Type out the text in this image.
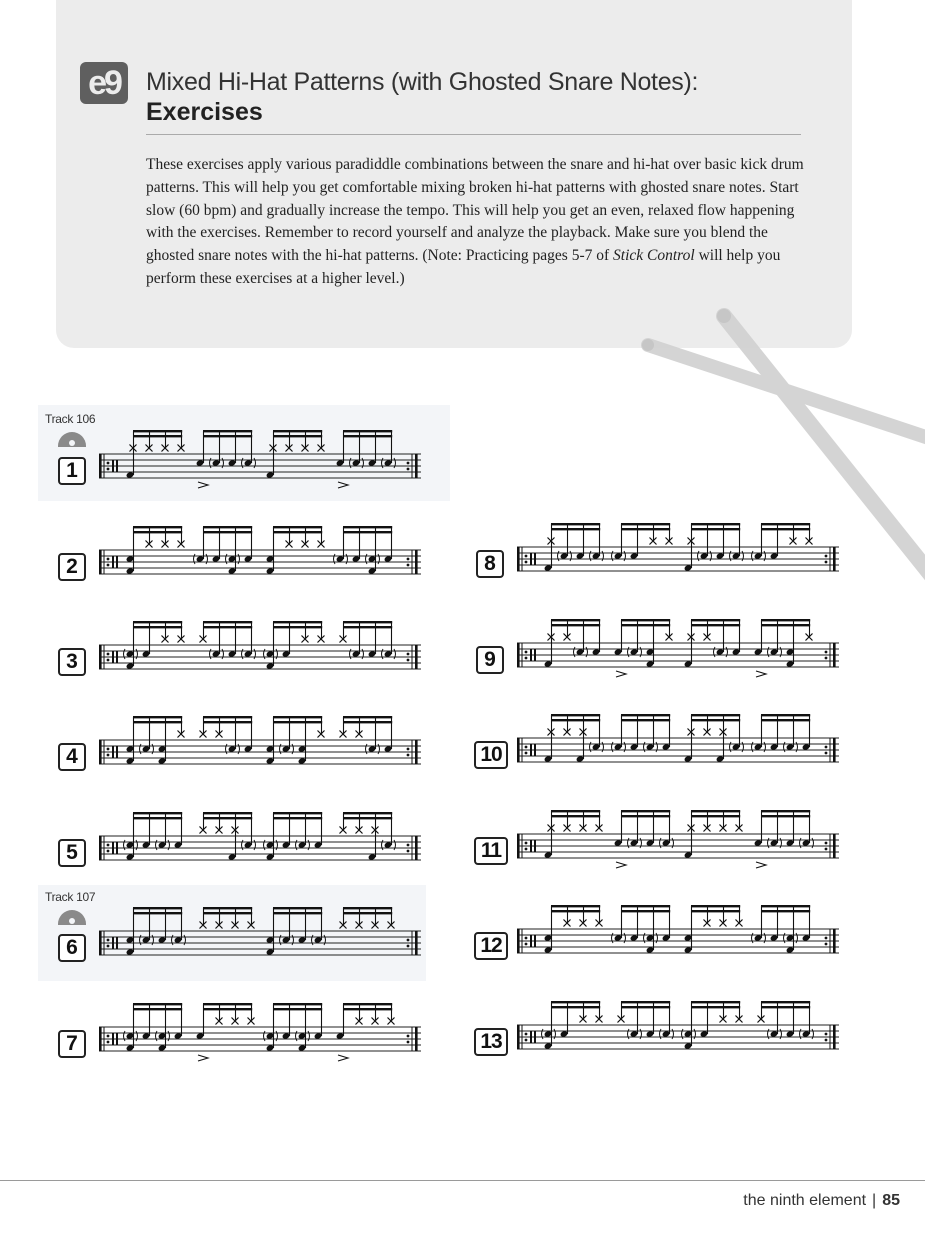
e9	Mixed Hi-Hat Patterns (with Ghosted Snare Notes):
Exercises
These exercises apply various paradiddle combinations between the snare and hi-hat over basic kick drum patterns. This will help you get comfortable mixing broken hi-hat patterns with ghosted snare notes. Start slow (60 bpm) and gradually increase the tempo. This will help you get an even, relaxed flow happening with the exercises. Remember to record yourself and analyze the playback. Make sure you blend the ghosted snare notes with the hi-hat patterns. (Note: Practicing pages 5-7 of Stick Control will help you perform these exercises at a higher level.)
Track 106
Track 107
1
2
3
4
5
6
7
8
9
10
11
12
13
the ninth element | 85
